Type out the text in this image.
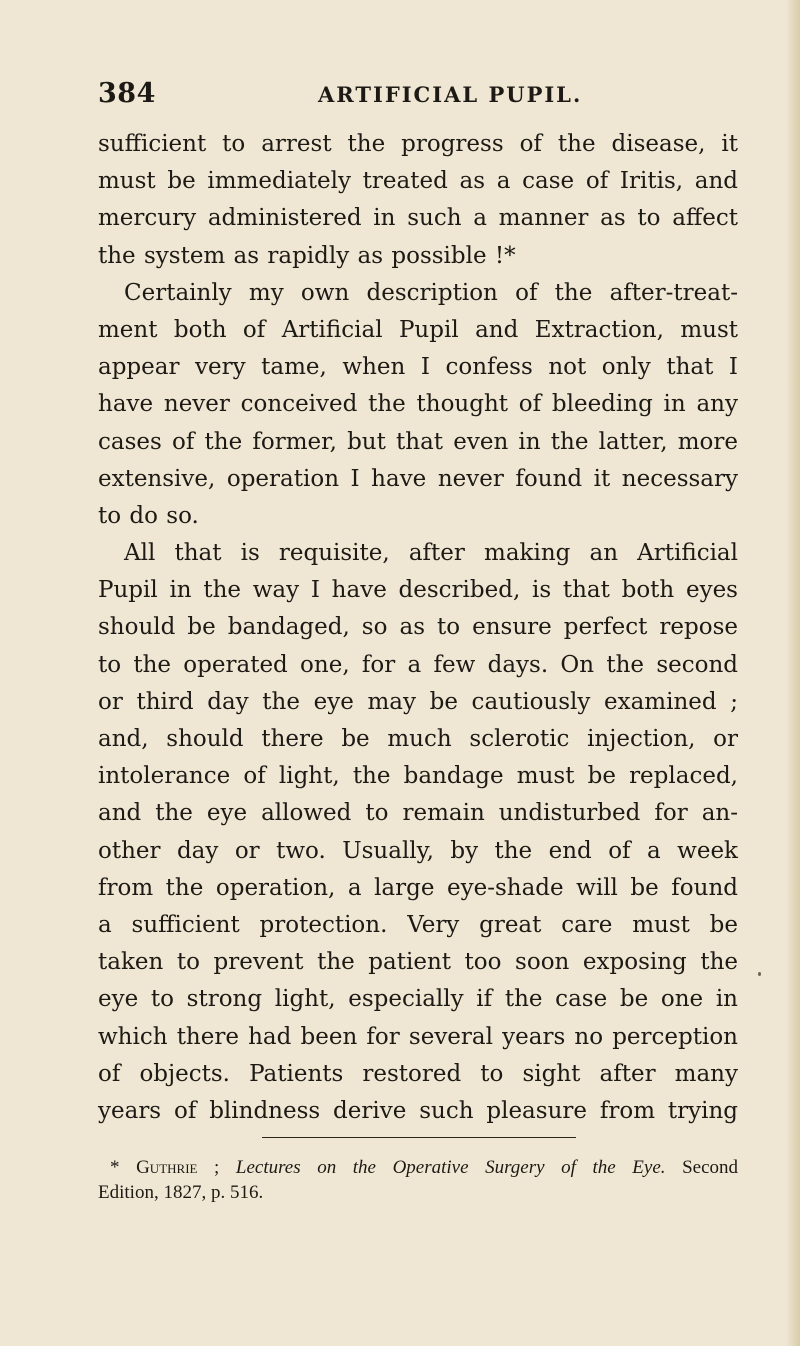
384	ARTIFICIAL PUPIL.
sufficient to arrest the progress of the disease, it
must be immediately treated as a case of Iritis, and
mercury administered in such a manner as to affect
the system as rapidly as possible !*
Certainly my own description of the after-treat-
ment both of Artificial Pupil and Extraction, must
appear very tame, when I confess not only that I
have never conceived the thought of bleeding in any
cases of the former, but that even in the latter, more
extensive, operation I have never found it necessary
to do so.
All that is requisite, after making an Artificial
Pupil in the way I have described, is that both eyes
should be bandaged, so as to ensure perfect repose
to the operated one, for a few days. On the second
or third day the eye may be cautiously examined ;
and, should there be much sclerotic injection, or
intolerance of light, the bandage must be replaced,
and the eye allowed to remain undisturbed for an-
other day or two. Usually, by the end of a week
from the operation, a large eye-shade will be found
a sufficient protection. Very great care must be
taken to prevent the patient too soon exposing the
eye to strong light, especially if the case be one in
which there had been for several years no perception
of objects. Patients restored to sight after many
years of blindness derive such pleasure from trying
* Guthrie ; Lectures on the Operative Surgery of the Eye. Second
Edition, 1827, p. 516.
